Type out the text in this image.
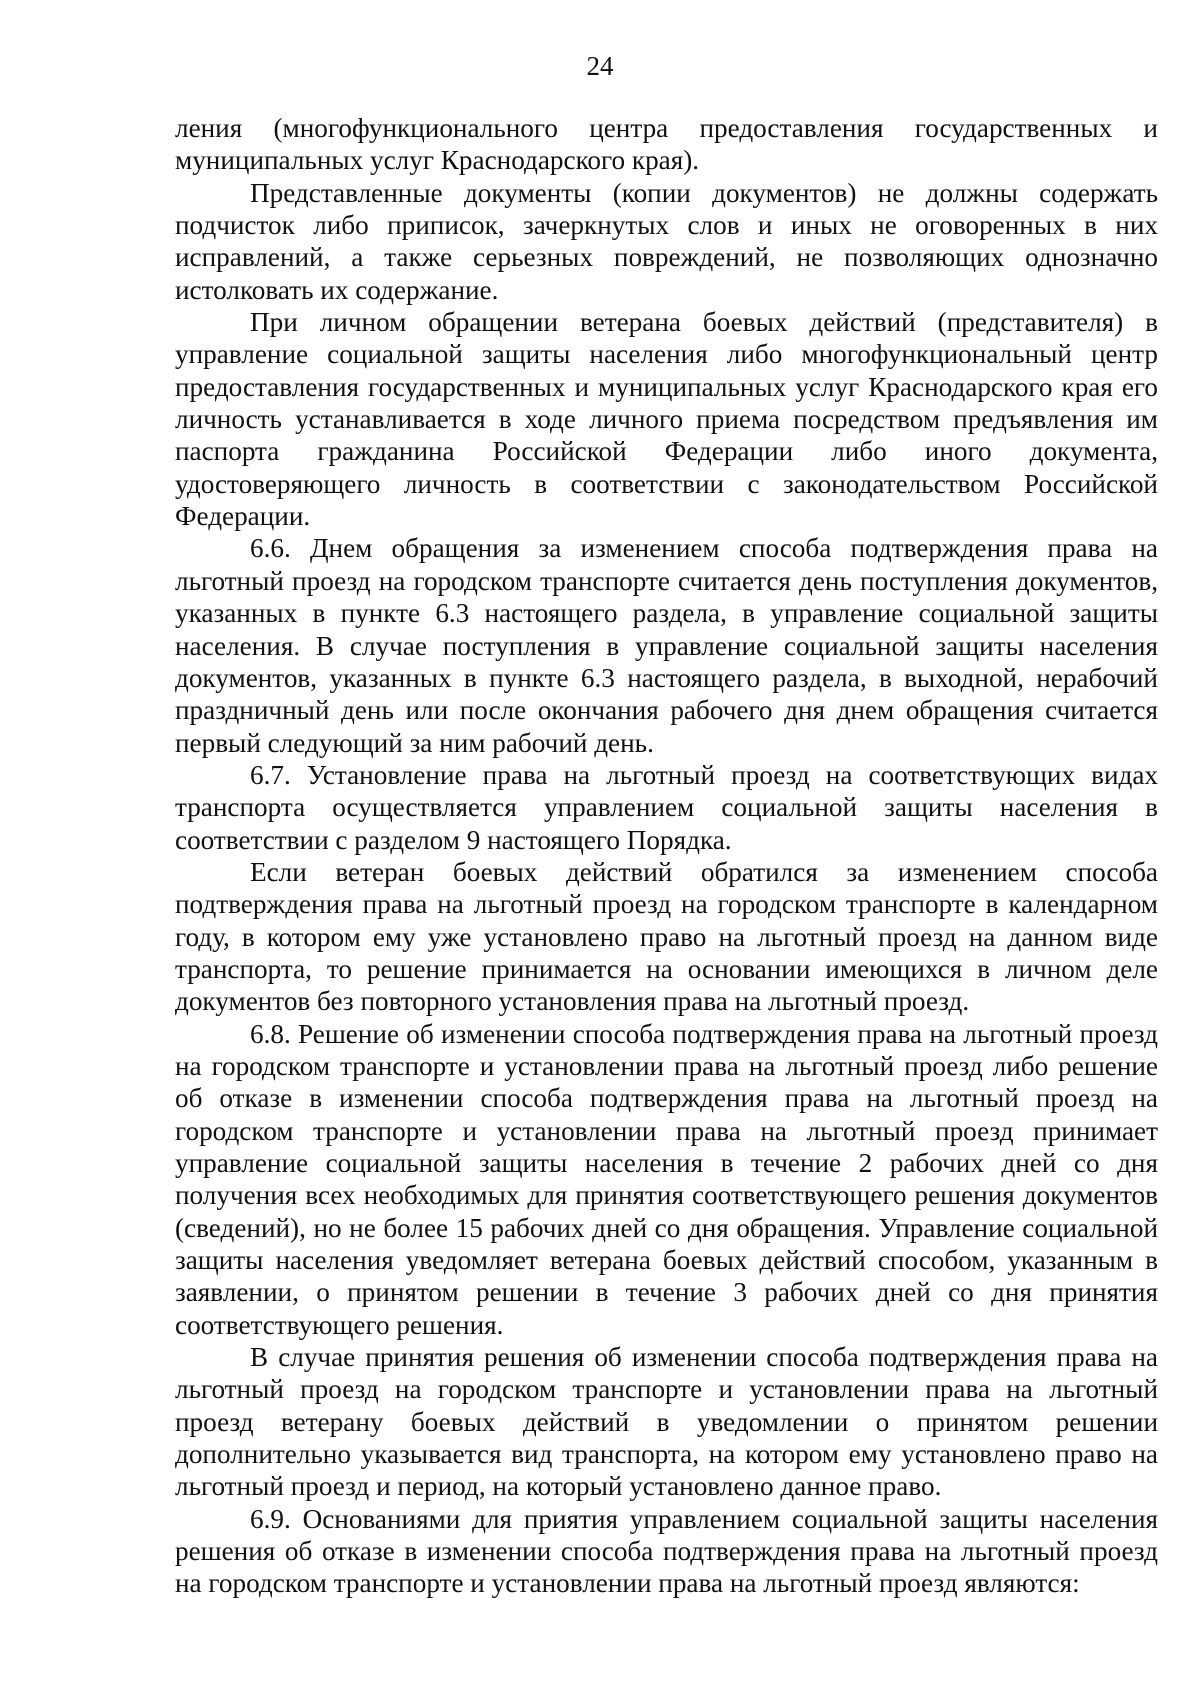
24

ления (многофункционального центра предоставления государственных и муниципальных услуг Краснодарского края).

Представленные документы (копии документов) не должны содержать подчисток либо приписок, зачеркнутых слов и иных не оговоренных в них исправлений, а также серьезных повреждений, не позволяющих однозначно истолковать их содержание.

При личном обращении ветерана боевых действий (представителя) в управление социальной защиты населения либо многофункциональный центр предоставления государственных и муниципальных услуг Краснодарского края его личность устанавливается в ходе личного приема посредством предъявления им паспорта гражданина Российской Федерации либо иного документа, удостоверяющего личность в соответствии с законодательством Российской Федерации.

6.6. Днем обращения за изменением способа подтверждения права на льготный проезд на городском транспорте считается день поступления документов, указанных в пункте 6.3 настоящего раздела, в управление социальной защиты населения. В случае поступления в управление социальной защиты населения документов, указанных в пункте 6.3 настоящего раздела, в выходной, нерабочий праздничный день или после окончания рабочего дня днем обращения считается первый следующий за ним рабочий день.

6.7. Установление права на льготный проезд на соответствующих видах транспорта осуществляется управлением социальной защиты населения в соответствии с разделом 9 настоящего Порядка.

Если ветеран боевых действий обратился за изменением способа подтверждения права на льготный проезд на городском транспорте в календарном году, в котором ему уже установлено право на льготный проезд на данном виде транспорта, то решение принимается на основании имеющихся в личном деле документов без повторного установления права на льготный проезд.

6.8. Решение об изменении способа подтверждения права на льготный проезд на городском транспорте и установлении права на льготный проезд либо решение об отказе в изменении способа подтверждения права на льготный проезд на городском транспорте и установлении права на льготный проезд принимает управление социальной защиты населения в течение 2 рабочих дней со дня получения всех необходимых для принятия соответствующего решения документов (сведений), но не более 15 рабочих дней со дня обращения. Управление социальной защиты населения уведомляет ветерана боевых действий способом, указанным в заявлении, о принятом решении в течение 3 рабочих дней со дня принятия соответствующего решения.

В случае принятия решения об изменении способа подтверждения права на льготный проезд на городском транспорте и установлении права на льготный проезд ветерану боевых действий в уведомлении о принятом решении дополнительно указывается вид транспорта, на котором ему установлено право на льготный проезд и период, на который установлено данное право.

6.9. Основаниями для приятия управлением социальной защиты населения решения об отказе в изменении способа подтверждения права на льготный проезд на городском транспорте и установлении права на льготный проезд являются:
